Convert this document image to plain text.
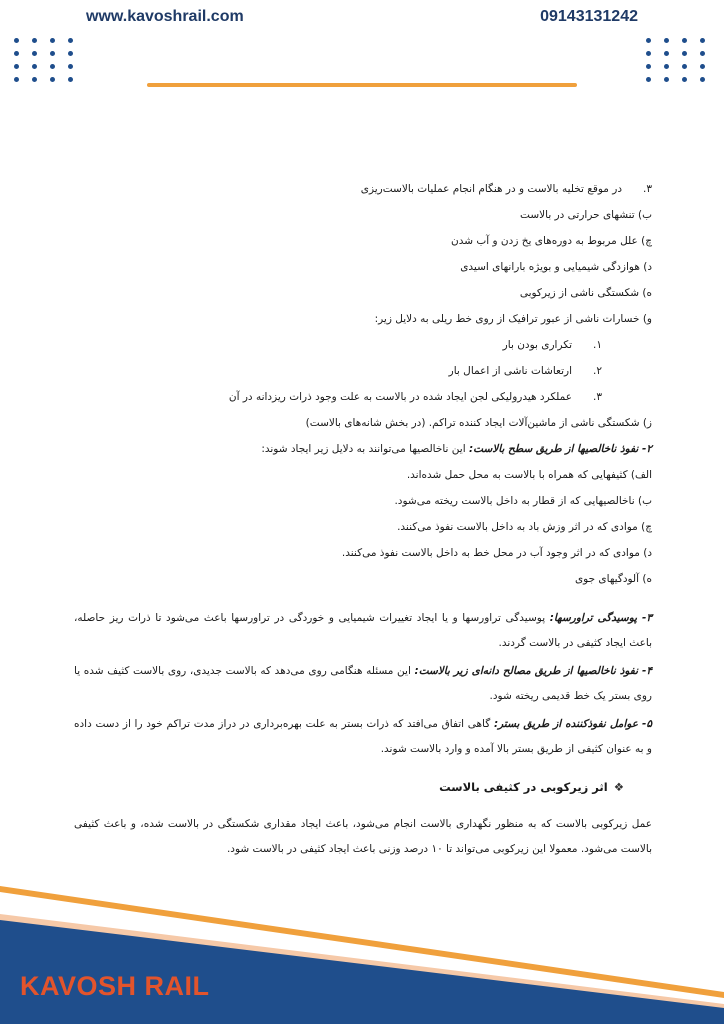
www.kavoshrail.com	09143131242
۳.در موقع تخلیه بالاست و در هنگام انجام عملیات بالاست‌ریزی
ب) تنشهای حرارتی در بالاست
چ) علل مربوط به دوره‌های یخ زدن و آب شدن
د) هوازدگی شیمیایی و بویژه بارانهای اسیدی
ه) شکستگی ناشی از زیرکوبی
و) خسارات ناشی از عبور ترافیک از روی خط ریلی به دلایل زیر:
۱.تکراری بودن بار
۲.ارتعاشات ناشی از اعمال بار
۳.عملکرد هیدرولیکی لجن ایجاد شده در بالاست به علت وجود ذرات ریزدانه در آن
ز) شکستگی ناشی از ماشین‌آلات ایجاد کننده تراکم. (در بخش شانه‌های بالاست)
۲- نفوذ ناخالصیها از طریق سطح بالاست: این ناخالصیها می‌توانند به دلایل زیر ایجاد شوند:
الف) کثیفهایی که همراه با بالاست به محل حمل شده‌اند.
ب) ناخالصیهایی که از قطار به داخل بالاست ریخته می‌شود.
چ) موادی که در اثر وزش باد به داخل بالاست نفوذ می‌کنند.
د) موادی که در اثر وجود آب در محل خط به داخل بالاست نفوذ می‌کنند.
ه) آلودگیهای جوی
۳- پوسیدگی تراورسها: پوسیدگی تراورسها و یا ایجاد تغییرات شیمیایی و خوردگی در تراورسها باعث می‌شود تا ذرات ریز حاصله، باعث ایجاد کثیفی در بالاست گردند.
۴- نفوذ ناخالصیها از طریق مصالح دانه‌ای زیر بالاست: این مسئله هنگامی روی می‌دهد که بالاست جدیدی، روی بالاست کثیف شده یا روی بستر یک خط قدیمی ریخته شود.
۵- عوامل نفوذکننده از طریق بستر: گاهی اتفاق می‌افتد که ذرات بستر به علت بهره‌برداری در دراز مدت تراکم خود را از دست داده و به عنوان کثیفی از طریق بستر بالا آمده و وارد بالاست شوند.
❖اثر زیرکوبی در کثیفی بالاست
عمل زیرکوبی بالاست که به منظور نگهداری بالاست انجام می‌شود، باعث ایجاد مقداری شکستگی در بالاست شده، و باعث کثیفی بالاست می‌شود. معمولا این زیرکوبی می‌تواند تا ۱۰ درصد وزنی باعث ایجاد کثیفی در بالاست شود.
KAVOSH RAIL
